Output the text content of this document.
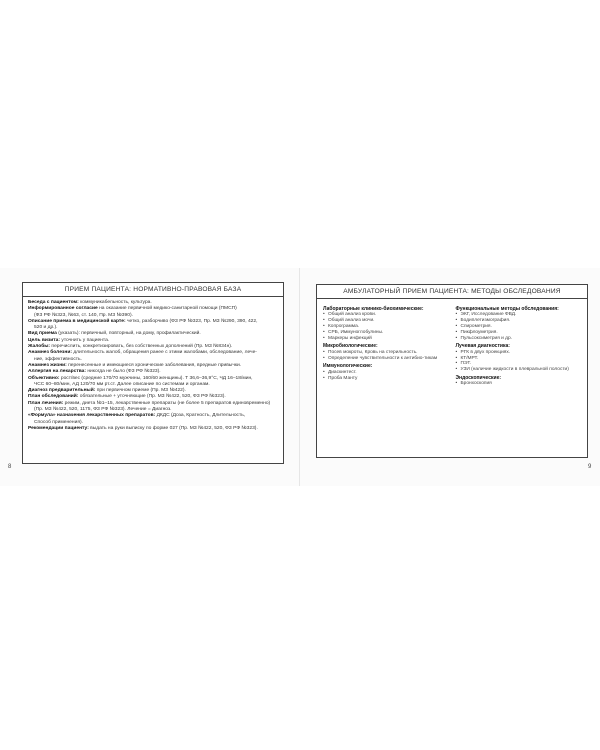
ПРИЕМ ПАЦИЕНТА: НОРМАТИВНО-ПРАВОВАЯ БАЗА
Беседа с пациентом: коммуникабельность, культура.
Информированное согласие на оказание первичной медико-санитарной помощи (ПМСП)
(ФЗ РФ №323, №63, ст. 140, Пр. МЗ №390).
Описание приема в медицинской карте: четко, разборчиво (ФЗ РФ №323, Пр. МЗ №290, 390, 422,
520 и др.).
Вид приема (указать): первичный, повторный, на дому, профилактический.
Цель визита: уточнить у пациента.
Жалобы: перечислить, конкретизировать, без собственных дополнений (Пр. МЗ №834н).
Анамнез болезни: длительность жалоб, обращения ранее с этими жалобами, обследование, лече-
ние, эффективность.
Анамнез жизни: перенесенные и имеющиеся хронические заболевания, вредные привычки.
Аллергия на лекарства: никогда не было (ФЗ РФ №323).
Объективно: рост/вес (средние 170/70 мужчины, 160/60 женщины). Т 36,6–36,9°С, ЧД 16–18/мин,
ЧСС 60–80/мин, АД 120/70 мм рт.ст. Далее описание по системам и органам.
Диагноз предварительный: при первичном приеме (Пр. МЗ №422).
План обследований: обязательные + уточняющие (Пр. МЗ №422, 520, ФЗ РФ №323).
План лечения: режим, диета №1–15, лекарственные препараты (не более 5 препаратов единовременно)
(Пр. МЗ №422, 520, 1175, ФЗ РФ №323). Лечение = Диагноз.
«Формула» назначения лекарственных препаратов: ДКДС (Доза, Кратность, Длительность,
Способ применения).
Рекомендации пациенту: выдать на руки выписку по форме 027 (Пр. МЗ №422, 520, ФЗ РФ №323).
8
АМБУЛАТОРНЫЙ ПРИЕМ ПАЦИЕНТА: МЕТОДЫ ОБСЛЕДОВАНИЯ
Лабораторные клинико-биохимические:
• Общий анализ крови.
• Общий анализ мочи.
• Копрограмма.
• СРБ, Иммуноглобулины.
• Маркеры инфекций
Микробиологические:
• Посев мокроты, Кровь на стерильность.
• Определение чувствительности к антибио-тикам
Иммунологические:
• Диаскинтест.
• Проба Манту
Функциональные методы обследования:
• ЭКГ, Исследование ФВД.
• Бодиплетизмография.
• Спирометрия.
• Пикфлоуметрия.
• Пульсоксиметрия и др.
Лучевая диагностика:
• РГК в двух проекциях.
• КТ/МРТ.
• ПЭТ.
• УЗИ (наличие жидкости в плевральной полости)
Эндоскопические:
• Бронхоскопия
9
